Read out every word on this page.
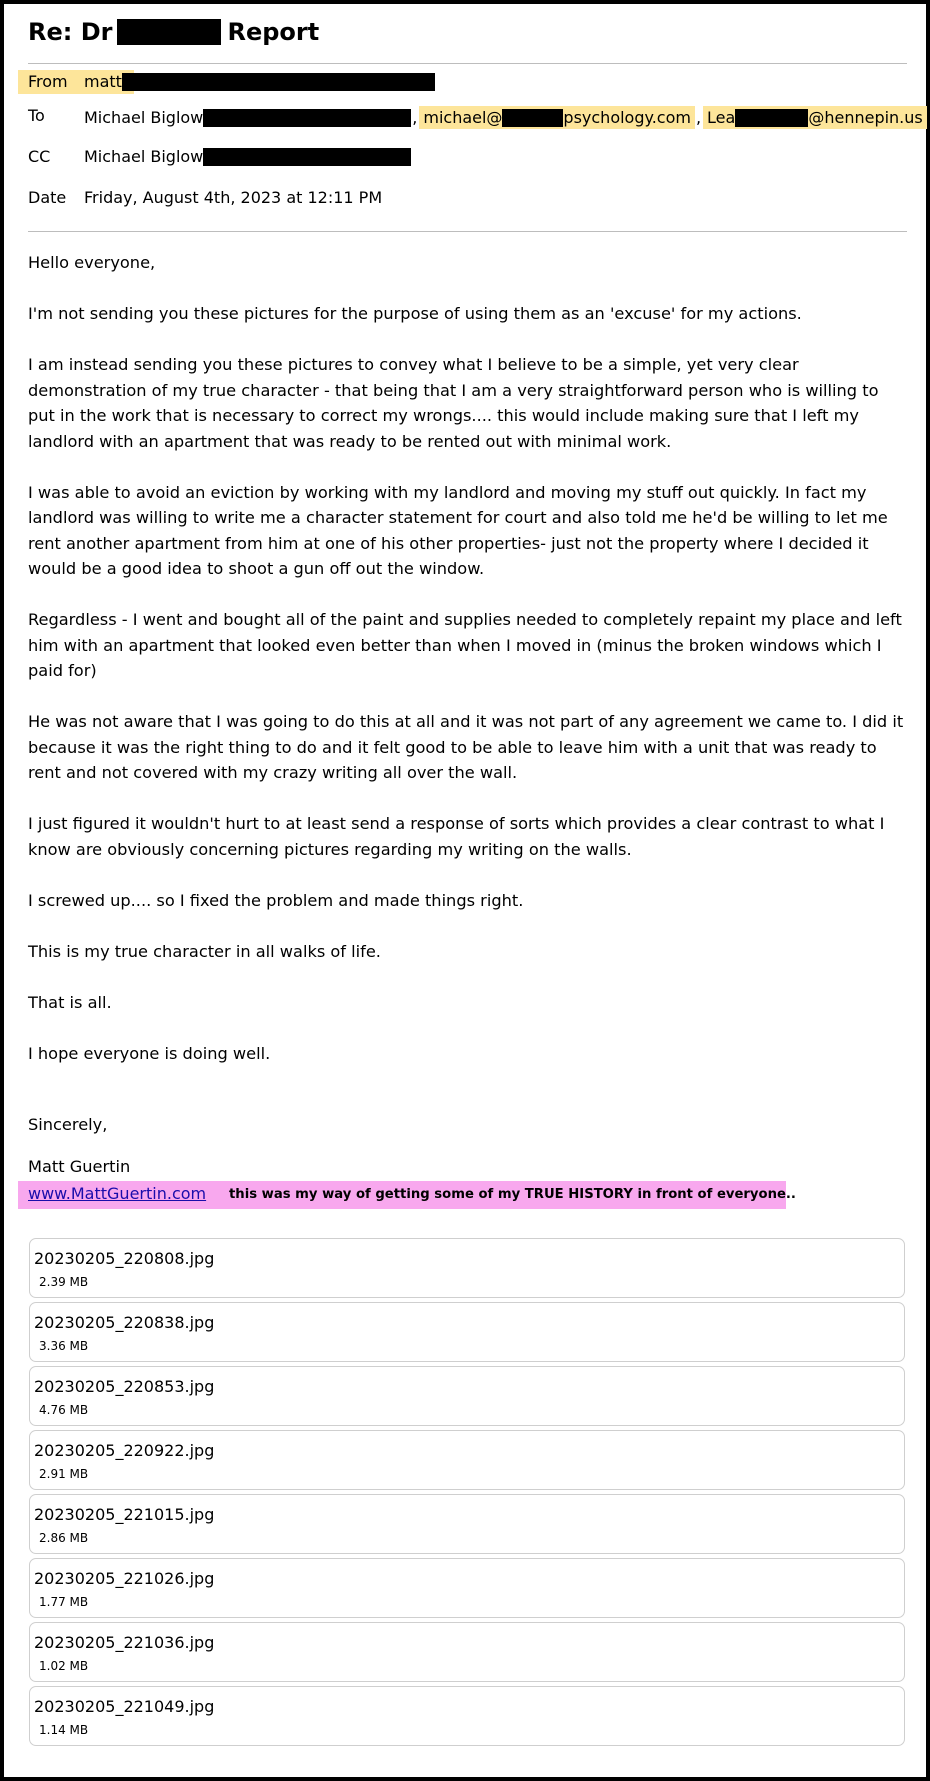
Re: Dr	Report
From matt
To Michael Biglow	, michael@	psychology.com , Lea	@hennepin.us
CC Michael Biglow
Date Friday, August 4th, 2023 at 12:11 PM

Hello everyone,

I'm not sending you these pictures for the purpose of using them as an 'excuse' for my actions.

I am instead sending you these pictures to convey what I believe to be a simple, yet very clear demonstration of my true character - that being that I am a very straightforward person who is willing to put in the work that is necessary to correct my wrongs.... this would include making sure that I left my landlord with an apartment that was ready to be rented out with minimal work.

I was able to avoid an eviction by working with my landlord and moving my stuff out quickly. In fact my landlord was willing to write me a character statement for court and also told me he'd be willing to let me rent another apartment from him at one of his other properties- just not the property where I decided it would be a good idea to shoot a gun off out the window.

Regardless - I went and bought all of the paint and supplies needed to completely repaint my place and left him with an apartment that looked even better than when I moved in (minus the broken windows which I paid for)

He was not aware that I was going to do this at all and it was not part of any agreement we came to. I did it because it was the right thing to do and it felt good to be able to leave him with a unit that was ready to rent and not covered with my crazy writing all over the wall.

I just figured it wouldn't hurt to at least send a response of sorts which provides a clear contrast to what I know are obviously concerning pictures regarding my writing on the walls.

I screwed up.... so I fixed the problem and made things right.

This is my true character in all walks of life.

That is all.

I hope everyone is doing well.

Sincerely,
Matt Guertin
www.MattGuertin.com this was my way of getting some of my TRUE HISTORY in front of everyone..
20230205_220808.jpg
2.39 MB
20230205_220838.jpg
3.36 MB
20230205_220853.jpg
4.76 MB
20230205_220922.jpg
2.91 MB
20230205_221015.jpg
2.86 MB
20230205_221026.jpg
1.77 MB
20230205_221036.jpg
1.02 MB
20230205_221049.jpg
1.14 MB
